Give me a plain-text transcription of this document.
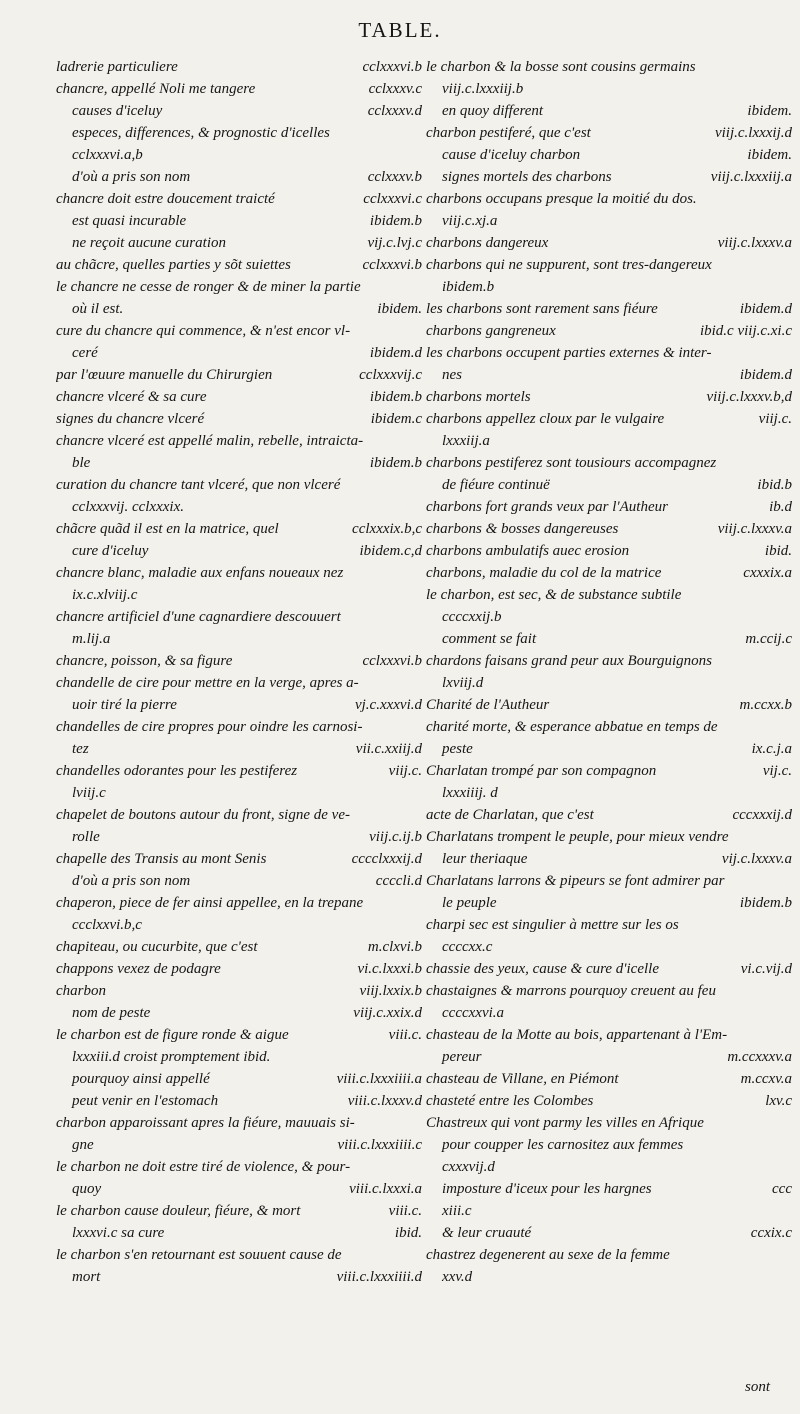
TABLE.
ladrerie particuliere	cclxxxvi.b
chancre, appellé Noli me tangere	cclxxxv.c
causes d'iceluy	cclxxxv.d
especes, differences, & prognostic d'icelles
cclxxxvi.a,b
d'où a pris son nom	cclxxxv.b
chancre doit estre doucement traicté	cclxxxvi.c
est quasi incurable	ibidem.b
ne reçoit aucune curation	vij.c.lvj.c
au chãcre, quelles parties y sõt suiettes	cclxxxvi.b
le chancre ne cesse de ronger & de miner la partie
où il est.	ibidem.
cure du chancre qui commence, & n'est encor vl-
ceré	ibidem.d
par l'œuure manuelle du Chirurgien	cclxxxvij.c
chancre vlceré & sa cure	ibidem.b
signes du chancre vlceré	ibidem.c
chancre vlceré est appellé malin, rebelle, intraicta-
ble	ibidem.b
curation du chancre tant vlceré, que non vlceré
cclxxxvij. cclxxxix.
chãcre quãd il est en la matrice, quel	cclxxxix.b,c
cure d'iceluy	ibidem.c,d
chancre blanc, maladie aux enfans noueaux nez
ix.c.xlviij.c
chancre artificiel d'une cagnardiere descouuert
m.lij.a
chancre, poisson, & sa figure	cclxxxvi.b
chandelle de cire pour mettre en la verge, apres a-
uoir tiré la pierre	vj.c.xxxvi.d
chandelles de cire propres pour oindre les carnosi-
tez	vii.c.xxiij.d
chandelles odorantes pour les pestiferez	viij.c.
lviij.c
chapelet de boutons autour du front, signe de ve-
rolle	viij.c.ij.b
chapelle des Transis au mont Senis	cccclxxxij.d
d'où a pris son nom	ccccli.d
chaperon, piece de fer ainsi appellee, en la trepane
ccclxxvi.b,c
chapiteau, ou cucurbite, que c'est	m.clxvi.b
chappons vexez de podagre	vi.c.lxxxi.b
charbon	viij.lxxix.b
nom de peste	viij.c.xxix.d
le charbon est de figure ronde & aigue	viii.c.
lxxxiii.d croist promptement ibid.
pourquoy ainsi appellé	viii.c.lxxxiiii.a
peut venir en l'estomach	viii.c.lxxxv.d
charbon apparoissant apres la fiéure, mauuais si-
gne	viii.c.lxxxiiii.c
le charbon ne doit estre tiré de violence, & pour-
quoy	viii.c.lxxxi.a
le charbon cause douleur, fiéure, & mort	viii.c.
lxxxvi.c sa cure	ibid.
le charbon s'en retournant est souuent cause de
mort	viii.c.lxxxiiii.d
le charbon & la bosse sont cousins germains
viij.c.lxxxiij.b
en quoy different	ibidem.
charbon pestiferé, que c'est	viij.c.lxxxij.d
cause d'iceluy charbon	ibidem.
signes mortels des charbons	viij.c.lxxxiij.a
charbons occupans presque la moitié du dos.
viij.c.xj.a
charbons dangereux	viij.c.lxxxv.a
charbons qui ne suppurent, sont tres-dangereux
ibidem.b
les charbons sont rarement sans fiéure	ibidem.d
charbons gangreneux	ibid.c viij.c.xi.c
les charbons occupent parties externes & inter-
nes	ibidem.d
charbons mortels	viij.c.lxxxv.b,d
charbons appellez cloux par le vulgaire	viij.c.
lxxxiij.a
charbons pestiferez sont tousiours accompagnez
de fiéure continuë	ibid.b
charbons fort grands veux par l'Autheur	ib.d
charbons & bosses dangereuses	viij.c.lxxxv.a
charbons ambulatifs auec erosion	ibid.
charbons, maladie du col de la matrice	cxxxix.a
le charbon, est sec, & de substance subtile
ccccxxij.b
comment se fait	m.ccij.c
chardons faisans grand peur aux Bourguignons
lxviij.d
Charité de l'Autheur	m.ccxx.b
charité morte, & esperance abbatue en temps de
peste	ix.c.j.a
Charlatan trompé par son compagnon	vij.c.
lxxxiiij. d
acte de Charlatan, que c'est	cccxxxij.d
Charlatans trompent le peuple, pour mieux vendre
leur theriaque	vij.c.lxxxv.a
Charlatans larrons & pipeurs se font admirer par
le peuple	ibidem.b
charpi sec est singulier à mettre sur les os
ccccxx.c
chassie des yeux, cause & cure d'icelle	vi.c.vij.d
chastaignes & marrons pourquoy creuent au feu
ccccxxvi.a
chasteau de la Motte au bois, appartenant à l'Em-
pereur	m.ccxxxv.a
chasteau de Villane, en Piémont	m.ccxv.a
chasteté entre les Colombes	lxv.c
Chastreux qui vont parmy les villes en Afrique
pour coupper les carnositez aux femmes
cxxxvij.d
imposture d'iceux pour les hargnes	ccc
xiii.c
& leur cruauté	ccxix.c
chastrez degenerent au sexe de la femme
xxv.d
sont
